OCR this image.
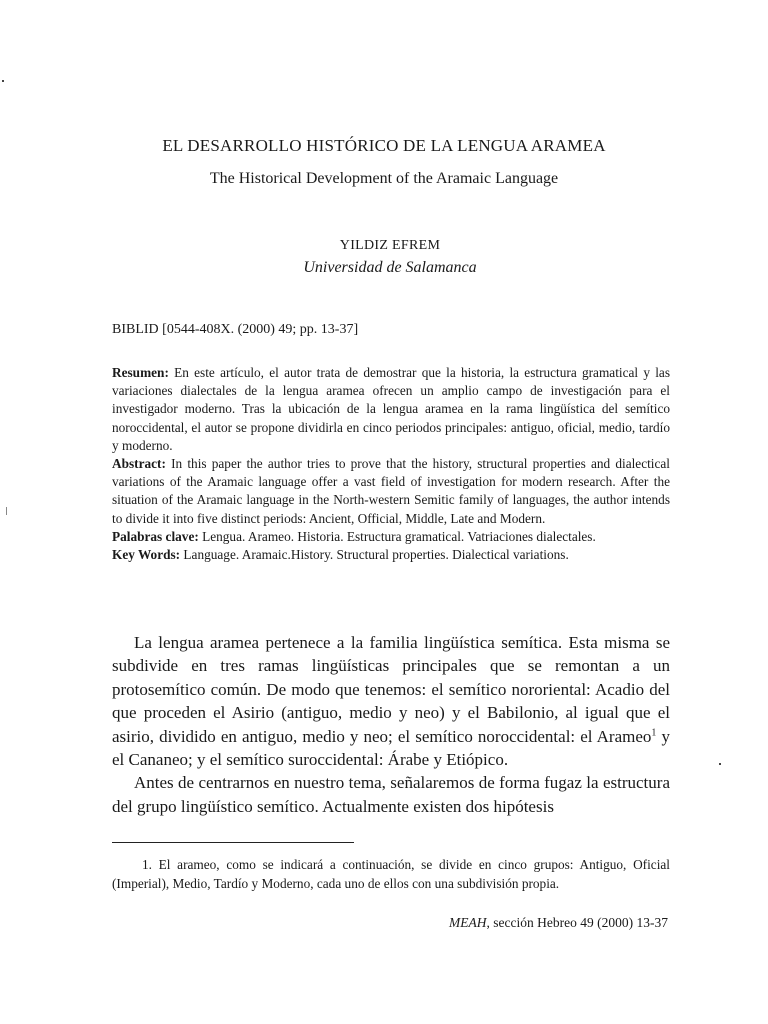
EL DESARROLLO HISTÓRICO DE LA LENGUA ARAMEA
The Historical Development of the Aramaic Language
YILDIZ EFREM
Universidad de Salamanca
BIBLID [0544-408X. (2000) 49; pp. 13-37]

Resumen: En este artículo, el autor trata de demostrar que la historia, la estructura gramatical y las variaciones dialectales de la lengua aramea ofrecen un amplio campo de investigación para el investigador moderno. Tras la ubicación de la lengua aramea en la rama lingüística del semítico noroccidental, el autor se propone dividirla en cinco periodos principales: antiguo, oficial, medio, tardío y moderno.

Abstract: In this paper the author tries to prove that the history, structural properties and dialectical variations of the Aramaic language offer a vast field of investigation for modern research. After the situation of the Aramaic language in the North-western Semitic family of languages, the author intends to divide it into five distinct periods: Ancient, Official, Middle, Late and Modern.

Palabras clave: Lengua. Arameo. Historia. Estructura gramatical. Vatriaciones dialectales.

Key Words: Language. Aramaic.History. Structural properties. Dialectical variations.

La lengua aramea pertenece a la familia lingüística semítica. Esta misma se subdivide en tres ramas lingüísticas principales que se remontan a un protosemítico común. De modo que tenemos: el semítico nororiental: Acadio del que proceden el Asirio (antiguo, medio y neo) y el Babilonio, al igual que el asirio, dividido en antiguo, medio y neo; el semítico noroccidental: el Arameo$^1$ y el Cananeo; y el semítico suroccidental: Árabe y Etiópico.

Antes de centrarnos en nuestro tema, señalaremos de forma fugaz la estructura del grupo lingüístico semítico. Actualmente existen dos hipótesis

1. El arameo, como se indicará a continuación, se divide en cinco grupos: Antiguo, Oficial (Imperial), Medio, Tardío y Moderno, cada uno de ellos con una subdivisión propia.

MEAH, sección Hebreo 49 (2000) 13-37
